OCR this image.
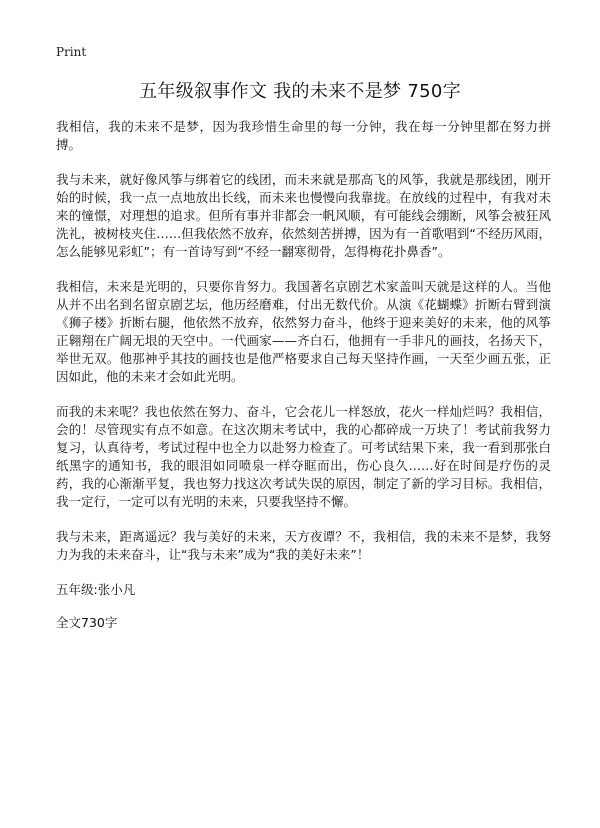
Print
五年级叙事作文 我的未来不是梦 750字

我相信，我的未来不是梦，因为我珍惜生命里的每一分钟，我在每一分钟里都在努力拼搏。

我与未来，就好像风筝与绑着它的线团，而未来就是那高飞的风筝，我就是那线团，刚开始的时候，我一点一点地放出长线，而未来也慢慢向我靠拢。在放线的过程中，有我对未来的憧憬，对理想的追求。但所有事并非都会一帆风顺，有可能线会绷断，风筝会被狂风洗礼，被树枝夹住……但我依然不放弃，依然刻苦拼搏，因为有一首歌唱到“不经历风雨，怎么能够见彩虹”；有一首诗写到“不经一翻寒彻骨，怎得梅花扑鼻香”。

我相信，未来是光明的，只要你肯努力。我国著名京剧艺术家盖叫天就是这样的人。当他从并不出名到名留京剧艺坛，他历经磨难，付出无数代价。从演《花蝴蝶》折断右臂到演《狮子楼》折断右腿，他依然不放弃，依然努力奋斗，他终于迎来美好的未来，他的风筝正翱翔在广阔无垠的天空中。一代画家——齐白石，他拥有一手非凡的画技，名扬天下，举世无双。他那神乎其技的画技也是他严格要求自己每天坚持作画，一天至少画五张，正因如此，他的未来才会如此光明。

而我的未来呢？我也依然在努力、奋斗，它会花儿一样怒放，花火一样灿烂吗？我相信，会的！尽管现实有点不如意。在这次期末考试中，我的心都碎成一万块了！考试前我努力复习，认真待考，考试过程中也全力以赴努力检查了。可考试结果下来，我一看到那张白纸黑字的通知书，我的眼泪如同喷泉一样夺眶而出，伤心良久……好在时间是疗伤的灵药，我的心渐渐平复，我也努力找这次考试失误的原因，制定了新的学习目标。我相信，我一定行，一定可以有光明的未来，只要我坚持不懈。

我与未来，距离遥远？我与美好的未来，天方夜谭？不，我相信，我的未来不是梦，我努力为我的未来奋斗，让“我与未来”成为“我的美好未来”！

五年级:张小凡

全文730字
